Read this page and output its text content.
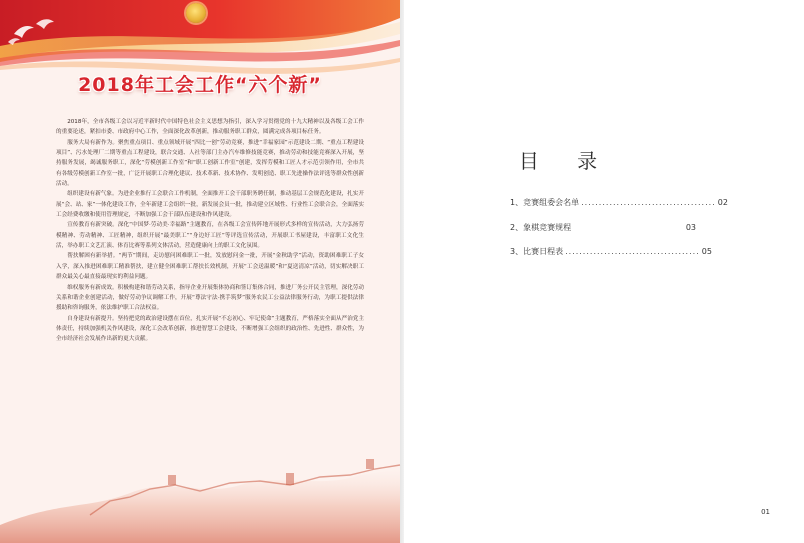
2018年工会工作“六个新”

2018年，全市各级工会以习近平新时代中国特色社会主义思想为指引，深入学习贯彻党的十九大精神以及各级工会工作的重要论述，紧扣市委、市政府中心工作，全面深化改革创新，推动服务职工群众，圆满完成各项目标任务。

服务大局有新作为。聚焦重点项目、重点领域开展“四比一创”劳动竞赛，推进“幸福家园”示范建设二期、“重点工程建设项目”、污水处理厂二期等重点工程建设，联合交通、人社等部门主办汽车维修技能竞赛，推动劳动和技能竞赛深入开展，坚持服务发展，竭诚服务职工，深化“劳模创新工作室”和“职工创新工作室”创建，发挥劳模和工匠人才示范引领作用，全市共有各级劳模创新工作室一批，广泛开展职工合理化建议、技术革新、技术协作、发明创造、职工先进操作法评选等群众性创新活动。

组织建设有新气象。为进企业推行工会联合工作机制，全面推开工会干部职务聘任制，推动基层工会规范化建设，扎实开展“会、站、家”一体化建设工作，全年新建工会组织一批，新发展会员一批，推动建立区域性、行业性工会联合会，全面落实工会经费收缴和使用管理规定，不断加强工会干部队伍建设和作风建设。

宣传教育有新突破。深化“中国梦·劳动美·幸福路”主题教育，在各级工会宣传阵地开展形式多样的宣传活动，大力弘扬劳模精神、劳动精神、工匠精神，组织开展“最美职工”“身边好工匠”等评选宣传活动，开展职工书屋建设，丰富职工文化生活，举办职工文艺汇演、体育比赛等系列文体活动，营造健康向上的职工文化氛围。

帮扶解困有新举措。“两节”期间，走访慰问困难职工一批，发放慰问金一批，开展“金秋助学”活动，资助困难职工子女入学，深入推进困难职工精准帮扶，建立健全困难职工帮扶长效机制，开展“工会送温暖”和“夏送清凉”活动，切实解决职工群众最关心最直接最现实的利益问题。

维权服务有新成效。积极构建和谐劳动关系，指导企业开展集体协商和签订集体合同，推进厂务公开民主管理，深化劳动关系和谐企业创建活动，做好劳动争议调解工作，开展“尊法守法·携手筑梦”服务农民工公益法律服务行动，为职工提供法律援助和咨询服务，依法维护职工合法权益。

自身建设有新提升。坚持把党的政治建设摆在首位，扎实开展“不忘初心、牢记使命”主题教育，严格落实全面从严治党主体责任，持续加强机关作风建设，深化工会改革创新，推进智慧工会建设，不断增强工会组织的政治性、先进性、群众性，为全市经济社会发展作出新的更大贡献。

目 录
1、竞赛组委会名单 ...................................... 02
2、象棋竞赛规程	03
3、比赛日程表 ...................................... 05
01
